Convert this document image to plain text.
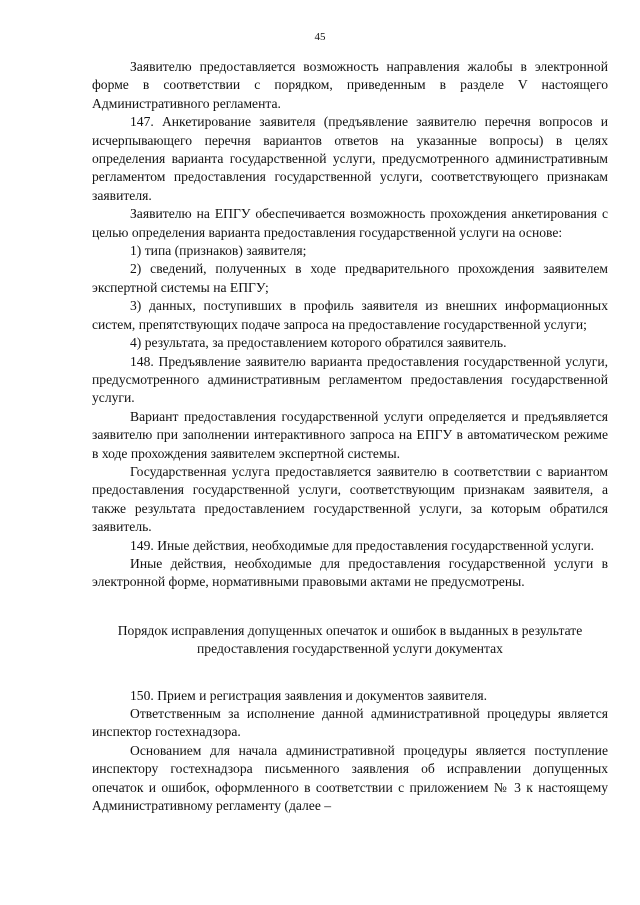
45

Заявителю предоставляется возможность направления жалобы в электронной форме в соответствии с порядком, приведенным в разделе V настоящего Административного регламента.

147. Анкетирование заявителя (предъявление заявителю перечня вопросов и исчерпывающего перечня вариантов ответов на указанные вопросы) в целях определения варианта государственной услуги, предусмотренного административным регламентом предоставления государственной услуги, соответствующего признакам заявителя.

Заявителю на ЕПГУ обеспечивается возможность прохождения анкетирования с целью определения варианта предоставления государственной услуги на основе:

1) типа (признаков) заявителя;

2) сведений, полученных в ходе предварительного прохождения заявителем экспертной системы на ЕПГУ;

3) данных, поступивших в профиль заявителя из внешних информационных систем, препятствующих подаче запроса на предоставление государственной услуги;

4) результата, за предоставлением которого обратился заявитель.

148. Предъявление заявителю варианта предоставления государственной услуги, предусмотренного административным регламентом предоставления государственной услуги.

Вариант предоставления государственной услуги определяется и предъявляется заявителю при заполнении интерактивного запроса на ЕПГУ в автоматическом режиме в ходе прохождения заявителем экспертной системы.

Государственная услуга предоставляется заявителю в соответствии с вариантом предоставления государственной услуги, соответствующим признакам заявителя, а также результата предоставлением государственной услуги, за которым обратился заявитель.

149. Иные действия, необходимые для предоставления государственной услуги.

Иные действия, необходимые для предоставления государственной услуги в электронной форме, нормативными правовыми актами не предусмотрены.

Порядок исправления допущенных опечаток и ошибок в выданных в результате предоставления государственной услуги документах

150. Прием и регистрация заявления и документов заявителя.

Ответственным за исполнение данной административной процедуры является инспектор гостехнадзора.

Основанием для начала административной процедуры является поступление инспектору гостехнадзора письменного заявления об исправлении допущенных опечаток и ошибок, оформленного в соответствии с приложением № 3 к настоящему Административному регламенту (далее –
